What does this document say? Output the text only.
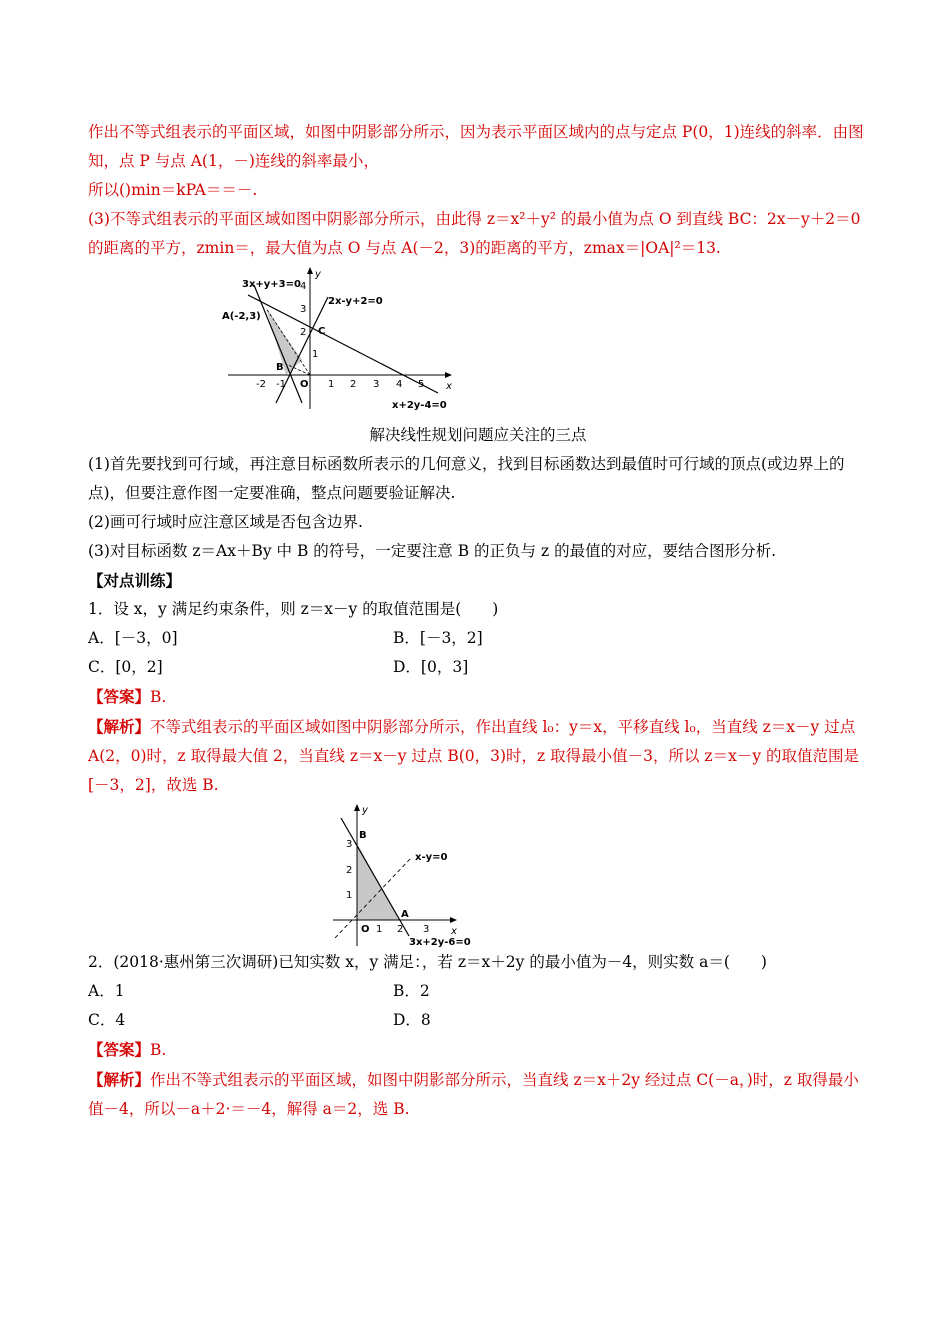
作出不等式组表示的平面区域，如图中阴影部分所示，因为表示平面区域内的点与定点 P(0，1)连线的斜率．由图知，点 P 与点 A(1，－)连线的斜率最小，

所以()min＝kPA＝＝－.

(3)不等式组表示的平面区域如图中阴影部分所示，由此得 z＝x²＋y² 的最小值为点 O 到直线 BC：2x－y＋2＝0 的距离的平方，zmin＝，最大值为点 O 与点 A(－2，3)的距离的平方，zmax＝|OA|²＝13.

3x+y+3=0
2x-y+2=0
x+2y-4=0
A(-2,3)
B
C
O	x
y
-2 -1	1 2 3 4 5
1
2
3
4

解决线性规划问题应关注的三点

(1)首先要找到可行域，再注意目标函数所表示的几何意义，找到目标函数达到最值时可行域的顶点(或边界上的点)，但要注意作图一定要准确，整点问题要验证解决.

(2)画可行域时应注意区域是否包含边界.

(3)对目标函数 z＝Ax＋By 中 B 的符号，一定要注意 B 的正负与 z 的最值的对应，要结合图形分析.

【对点训练】

1．设 x，y 满足约束条件，则 z＝x－y 的取值范围是(　　)

A．[－3，0]	B．[－3，2]
C．[0，2]	D．[0，3]

【答案】B.

【解析】不等式组表示的平面区域如图中阴影部分所示，作出直线 l₀：y＝x，平移直线 l₀，当直线 z＝x－y 过点 A(2，0)时，z 取得最大值 2，当直线 z＝x－y 过点 B(0，3)时，z 取得最小值－3，所以 z＝x－y 的取值范围是[－3，2]，故选 B.

x-y=0
3x+2y-6=0
A
B
O	x
y
1 2 3
1
2
3

2．(2018·惠州第三次调研)已知实数 x，y 满足：，若 z＝x＋2y 的最小值为－4，则实数 a＝(　　)

A．1	B．2
C．4	D．8

【答案】B.

【解析】作出不等式组表示的平面区域，如图中阴影部分所示，当直线 z＝x＋2y 经过点 C(－a，)时，z 取得最小值－4，所以－a＋2·＝－4，解得 a＝2，选 B.
